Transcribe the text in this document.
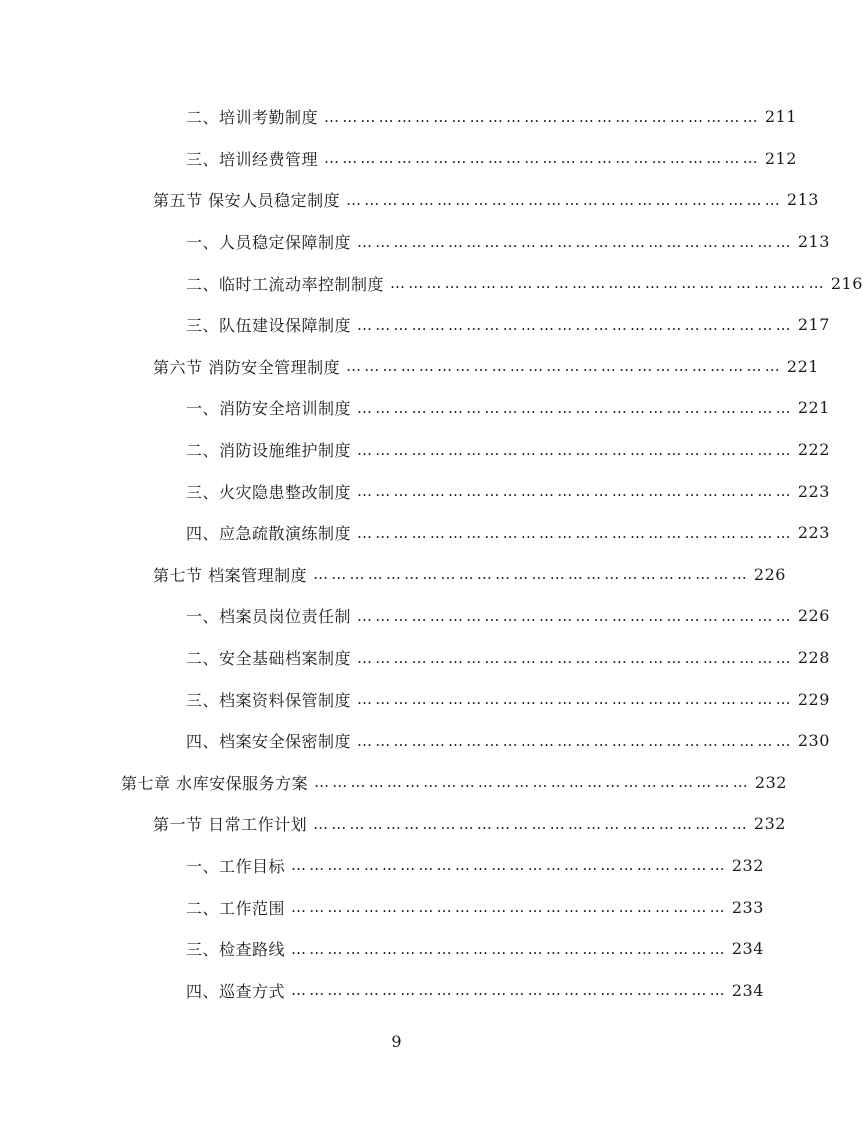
二、培训考勤制度 ……………………………………………………………… 211
三、培训经费管理 ……………………………………………………………… 212
第五节 保安人员稳定制度 ……………………………………………………………… 213
一、人员稳定保障制度 ……………………………………………………………… 213
二、临时工流动率控制制度 ……………………………………………………………… 216
三、队伍建设保障制度 ……………………………………………………………… 217
第六节 消防安全管理制度 ……………………………………………………………… 221
一、消防安全培训制度 ……………………………………………………………… 221
二、消防设施维护制度 ……………………………………………………………… 222
三、火灾隐患整改制度 ……………………………………………………………… 223
四、应急疏散演练制度 ……………………………………………………………… 223
第七节 档案管理制度 ……………………………………………………………… 226
一、档案员岗位责任制 ……………………………………………………………… 226
二、安全基础档案制度 ……………………………………………………………… 228
三、档案资料保管制度 ……………………………………………………………… 229
四、档案安全保密制度 ……………………………………………………………… 230
第七章 水库安保服务方案 ……………………………………………………………… 232
第一节 日常工作计划 ……………………………………………………………… 232
一、工作目标 ……………………………………………………………… 232
二、工作范围 ……………………………………………………………… 233
三、检查路线 ……………………………………………………………… 234
四、巡查方式 ……………………………………………………………… 234
9
